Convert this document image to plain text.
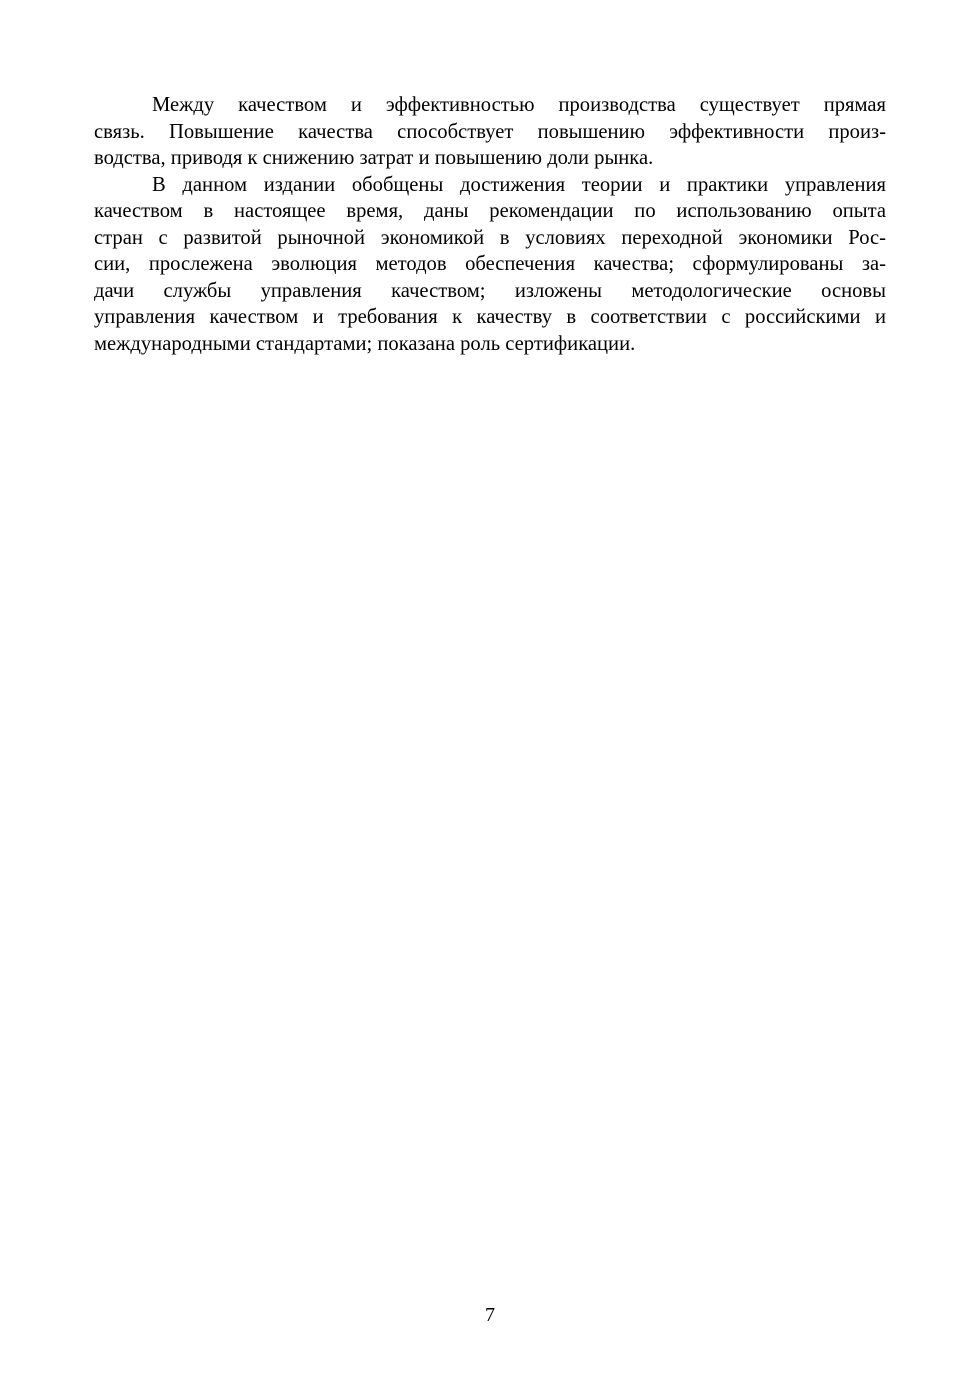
Между качеством и эффективностью производства существует прямая
связь. Повышение качества способствует повышению эффективности произ-
водства, приводя к снижению затрат и повышению доли рынка.
В данном издании обобщены достижения теории и практики управления
качеством в настоящее время, даны рекомендации по использованию опыта
стран с развитой рыночной экономикой в условиях переходной экономики Рос-
сии, прослежена эволюция методов обеспечения качества; сформулированы за-
дачи службы управления качеством; изложены методологические основы
управления качеством и требования к качеству в соответствии с российскими и
международными стандартами; показана роль сертификации.
7
